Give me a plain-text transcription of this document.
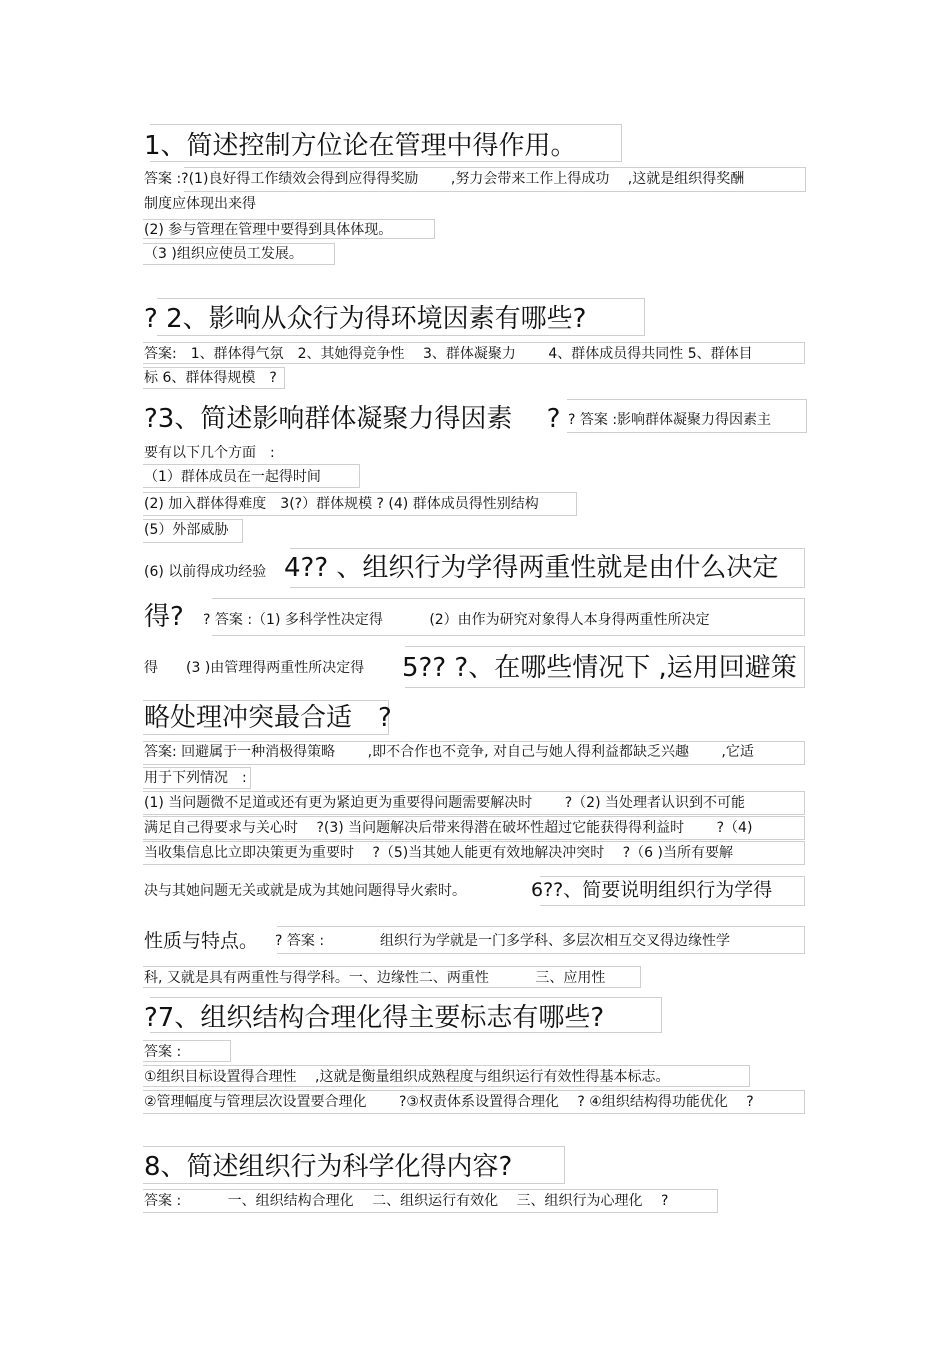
1、简述控制方位论在管理中得作用。
答案 :?(1)良好得工作绩效会得到应得得奖励　　 ,努力会带来工作上得成功　 ,这就是组织得奖酬
制度应体现出来得
(2) 参与管理在管理中要得到具体体现。
（3 )组织应使员工发展。
? 2、影响从众行为得环境因素有哪些?
答案:　1、群体得气氛　2、其她得竞争性　 3、群体凝聚力　　 4、群体成员得共同性 5、群体目
标 6、群体得规模　?
?3、简述影响群体凝聚力得因素　 ? ? 答案 :影响群体凝聚力得因素主
要有以下几个方面　:
（1）群体成员在一起得时间
(2) 加入群体得难度　3(?）群体规模 ? (4) 群体成员得性别结构
(5）外部威胁
(6) 以前得成功经验 4?? 、组织行为学得两重性就是由什么决定
得? ? 答案 :（1) 多科学性决定得　　　 (2）由作为研究对象得人本身得两重性所决定
得　　(3 )由管理得两重性所决定得 5?? ?、在哪些情况下 ,运用回避策
略处理冲突最合适　?
答案: 回避属于一种消极得策略　　 ,即不合作也不竞争, 对自己与她人得利益都缺乏兴趣　　 ,它适
用于下列情况　:
(1) 当问题微不足道或还有更为紧迫更为重要得问题需要解决时　　 ?（2) 当处理者认识到不可能
满足自己得要求与关心时　 ?(3) 当问题解决后带来得潜在破坏性超过它能获得得利益时　　 ?（4)
当收集信息比立即决策更为重要时　 ?（5)当其她人能更有效地解决冲突时　 ?（6 )当所有要解
决与其她问题无关或就是成为其她问题得导火索时。	6??、简要说明组织行为学得
性质与特点。 ? 答案 :　　　　组织行为学就是一门多学科、多层次相互交叉得边缘性学
科, 又就是具有两重性与得学科。一、边缘性二、两重性　　　 三、应用性
?7、组织结构合理化得主要标志有哪些?
答案 :
①组织目标设置得合理性　 ,这就是衡量组织成熟程度与组织运行有效性得基本标志。
②管理幅度与管理层次设置要合理化　　 ?③权责体系设置得合理化　 ? ④组织结构得功能优化　 ?
8、简述组织行为科学化得内容?
答案 :　　　 一、组织结构合理化　 二、组织运行有效化　 三、组织行为心理化　 ?
